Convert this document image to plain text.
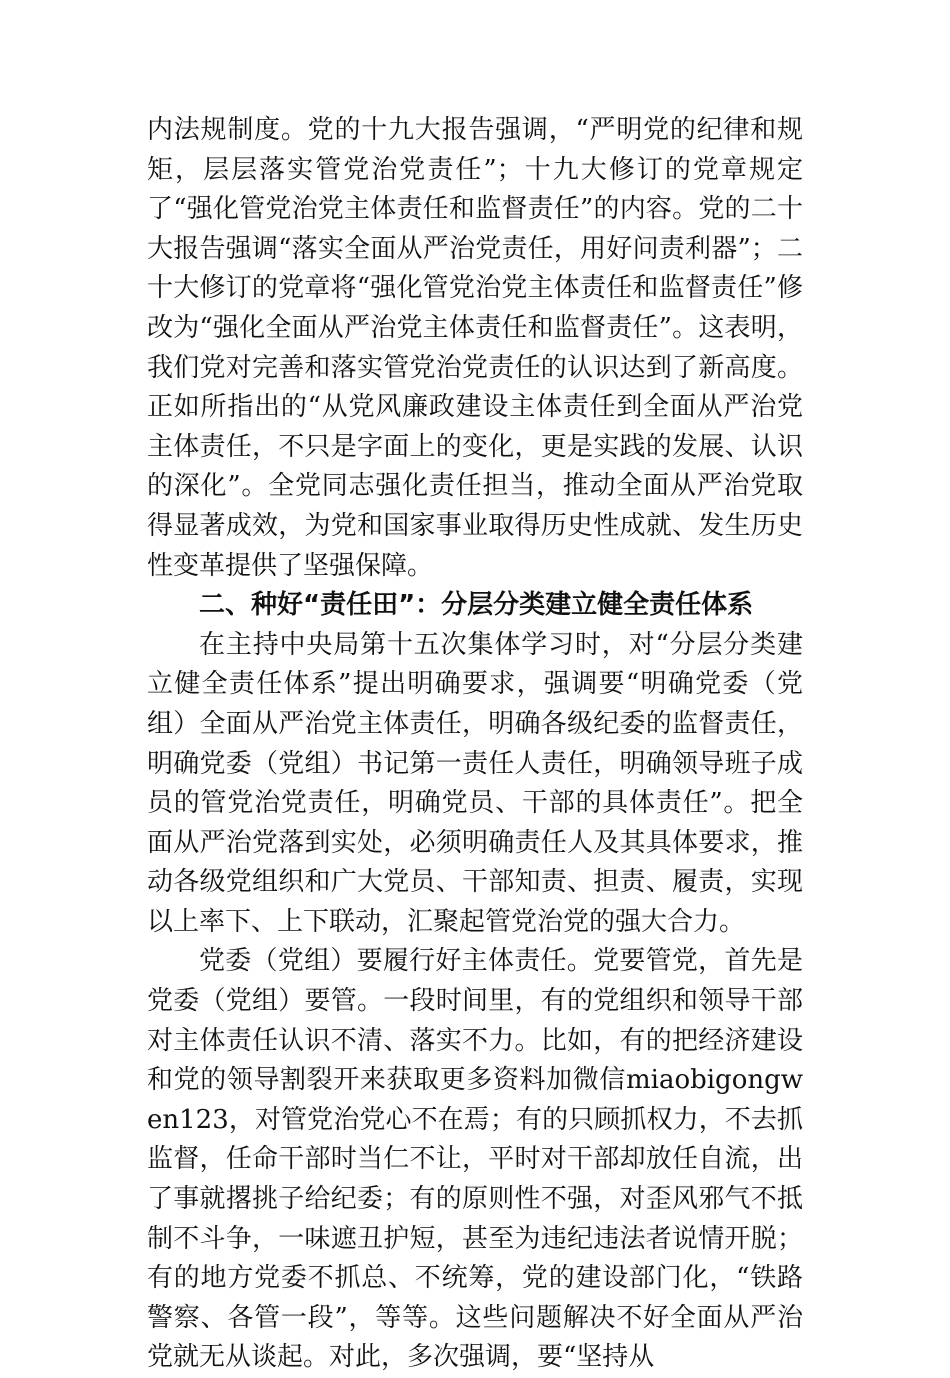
内法规制度。党的十九大报告强调，“严明党的纪律和规矩，层层落实管党治党责任”；十九大修订的党章规定了“强化管党治党主体责任和监督责任”的内容。党的二十大报告强调“落实全面从严治党责任，用好问责利器”；二十大修订的党章将“强化管党治党主体责任和监督责任”修改为“强化全面从严治党主体责任和监督责任”。这表明，我们党对完善和落实管党治党责任的认识达到了新高度。正如所指出的“从党风廉政建设主体责任到全面从严治党主体责任，不只是字面上的变化，更是实践的发展、认识的深化”。全党同志强化责任担当，推动全面从严治党取得显著成效，为党和国家事业取得历史性成就、发生历史性变革提供了坚强保障。

二、种好“责任田”：分层分类建立健全责任体系

在主持中央局第十五次集体学习时，对“分层分类建立健全责任体系”提出明确要求，强调要“明确党委（党组）全面从严治党主体责任，明确各级纪委的监督责任，明确党委（党组）书记第一责任人责任，明确领导班子成员的管党治党责任，明确党员、干部的具体责任”。把全面从严治党落到实处，必须明确责任人及其具体要求，推动各级党组织和广大党员、干部知责、担责、履责，实现以上率下、上下联动，汇聚起管党治党的强大合力。

党委（党组）要履行好主体责任。党要管党，首先是党委（党组）要管。一段时间里，有的党组织和领导干部对主体责任认识不清、落实不力。比如，有的把经济建设和党的领导割裂开来获取更多资料加微信miaobigongwen123，对管党治党心不在焉；有的只顾抓权力，不去抓监督，任命干部时当仁不让，平时对干部却放任自流，出了事就撂挑子给纪委；有的原则性不强，对歪风邪气不抵制不斗争，一味遮丑护短，甚至为违纪违法者说情开脱；有的地方党委不抓总、不统筹，党的建设部门化，“铁路警察、各管一段”，等等。这些问题解决不好全面从严治党就无从谈起。对此，多次强调，要“坚持从
